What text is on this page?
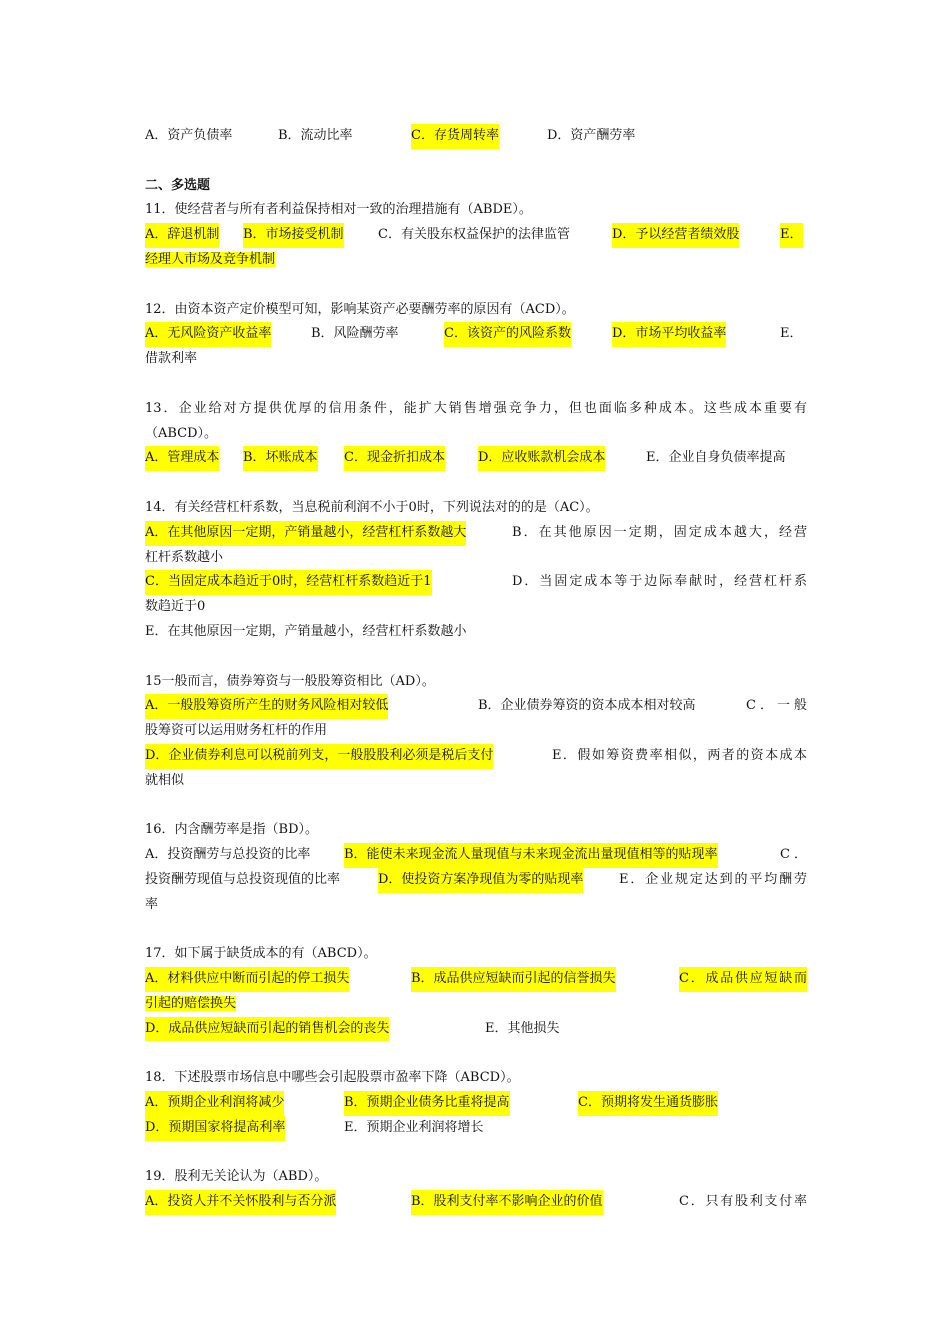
A．资产负债率	B．流动比率	C．存货周转率	D．资产酬劳率
二、多选题
11．使经营者与所有者利益保持相对一致的治理措施有（ABDE）。
A．辞退机制 B．市场接受机制	C．有关股东权益保护的法律监管	D．予以经营者绩效股	E．
经理人市场及竞争机制
12．由资本资产定价模型可知，影响某资产必要酬劳率的原因有（ACD）。
A．无风险资产收益率	B．风险酬劳率	C．该资产的风险系数	D．市场平均收益率	E．
借款利率
13．企业给对方提供优厚的信用条件，能扩大销售增强竞争力，但也面临多种成本。这些成本重要有
（ABCD）。
A．管理成本 B．坏账成本 C．现金折扣成本	D．应收账款机会成本	E．企业自身负债率提高
14．有关经营杠杆系数，当息税前利润不小于0时，下列说法对的的是（AC）。
A．在其他原因一定期，产销量越小，经营杠杆系数越大	B．在其他原因一定期，固定成本越大，经营
杠杆系数越小
C．当固定成本趋近于0时，经营杠杆系数趋近于1	D．当固定成本等于边际奉献时，经营杠杆系
数趋近于0
E．在其他原因一定期，产销量越小，经营杠杆系数越小
15一般而言，债券筹资与一般股筹资相比（AD）。
A．一般股筹资所产生的财务风险相对较低	B．企业债券筹资的资本成本相对较高	C．一般
股筹资可以运用财务杠杆的作用
D．企业债券利息可以税前列支，一般股股利必须是税后支付	E．假如筹资费率相似，两者的资本成本
就相似
16．内含酬劳率是指（BD）。
A．投资酬劳与总投资的比率	B．能使未来现金流人量现值与未来现金流出量现值相等的贴现率	C．
投资酬劳现值与总投资现值的比率	D．使投资方案净现值为零的贴现率	E．企业规定达到的平均酬劳
率
17．如下属于缺货成本的有（ABCD）。
A．材料供应中断而引起的停工损失	B．成品供应短缺而引起的信誉损失	C．成品供应短缺而
引起的赔偿换失
D．成品供应短缺而引起的销售机会的丧失	E．其他损失
18．下述股票市场信息中哪些会引起股票市盈率下降（ABCD）。
A．预期企业利润将减少	B．预期企业债务比重将提高	C．预期将发生通货膨胀
D．预期国家将提高利率	E．预期企业利润将增长
19．股利无关论认为（ABD）。
A．投资人并不关怀股利与否分派	B．股利支付率不影响企业的价值	C．只有股利支付率
